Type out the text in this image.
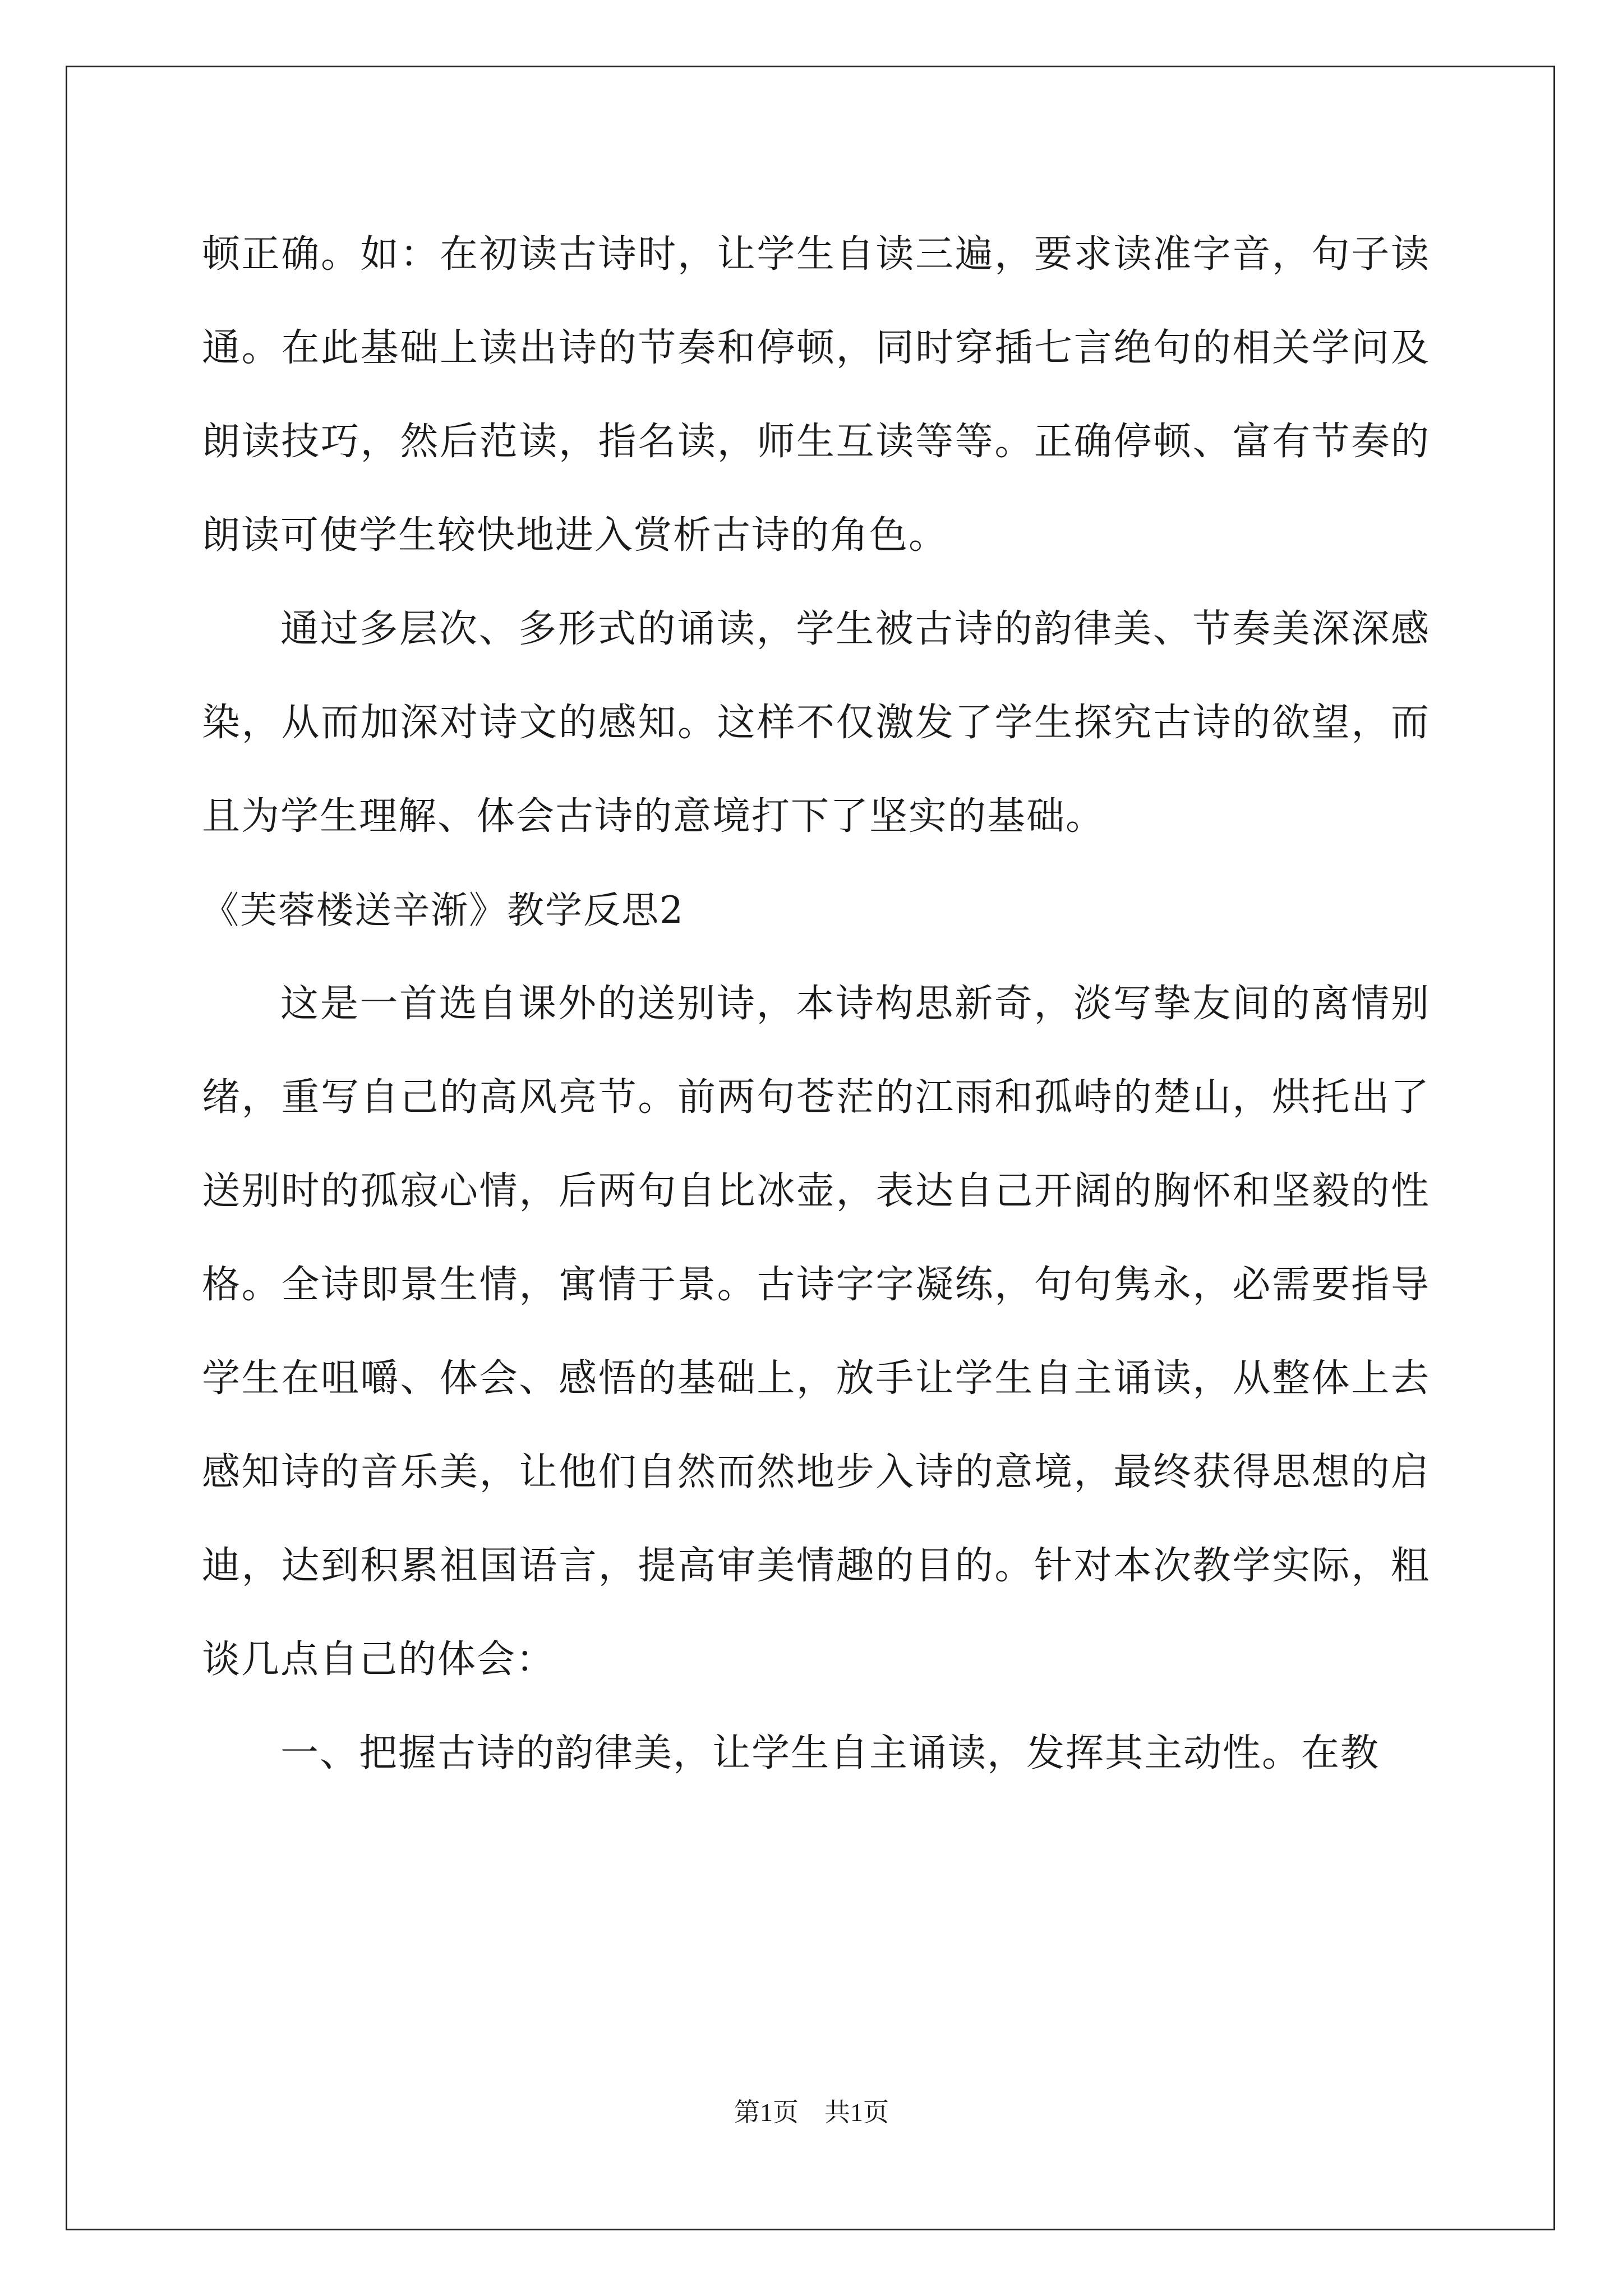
顿正确。如：在初读古诗时，让学生自读三遍，要求读准字音，句子读通。在此基础上读出诗的节奏和停顿，同时穿插七言绝句的相关学问及朗读技巧，然后范读，指名读，师生互读等等。正确停顿、富有节奏的朗读可使学生较快地进入赏析古诗的角色。

通过多层次、多形式的诵读，学生被古诗的韵律美、节奏美深深感染，从而加深对诗文的感知。这样不仅激发了学生探究古诗的欲望，而且为学生理解、体会古诗的意境打下了坚实的基础。

《芙蓉楼送辛渐》教学反思2

这是一首选自课外的送别诗，本诗构思新奇，淡写挚友间的离情别绪，重写自己的高风亮节。前两句苍茫的江雨和孤峙的楚山，烘托出了送别时的孤寂心情，后两句自比冰壶，表达自己开阔的胸怀和坚毅的性格。全诗即景生情，寓情于景。古诗字字凝练，句句隽永，必需要指导学生在咀嚼、体会、感悟的基础上，放手让学生自主诵读，从整体上去感知诗的音乐美，让他们自然而然地步入诗的意境，最终获得思想的启迪，达到积累祖国语言，提高审美情趣的目的。针对本次教学实际，粗谈几点自己的体会：

一、把握古诗的韵律美，让学生自主诵读，发挥其主动性。在教

第1页 共1页
